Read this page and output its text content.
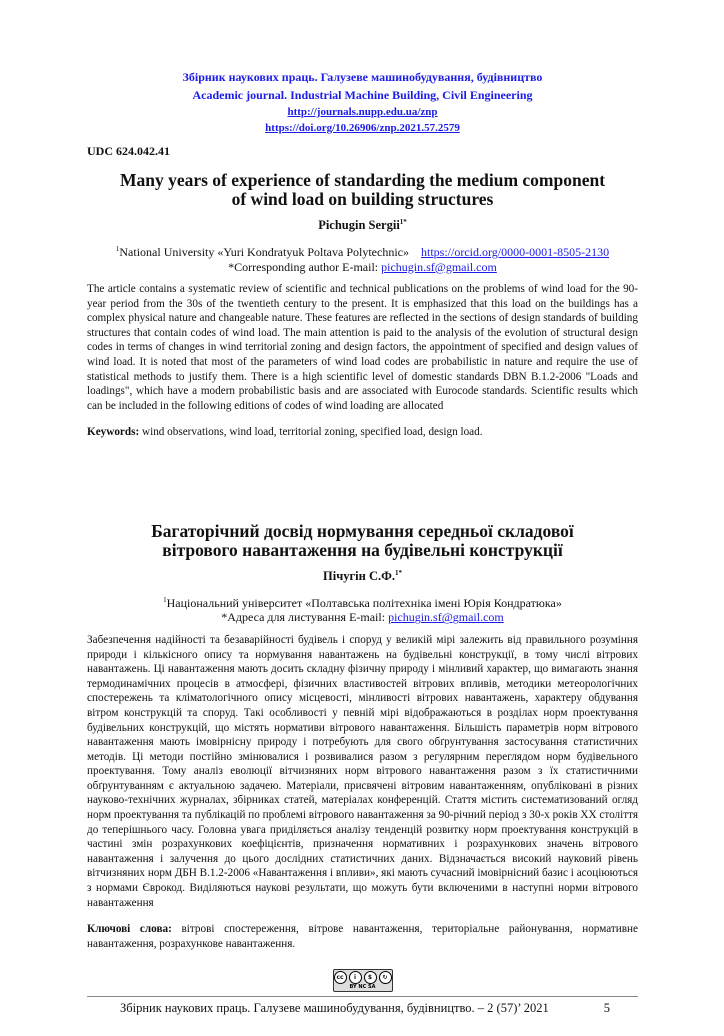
Збірник наукових праць. Галузеве машинобудування, будівництво
Academic journal. Industrial Machine Building, Civil Engineering
http://journals.nupp.edu.ua/znp
https://doi.org/10.26906/znp.2021.57.2579
UDC 624.042.41
Many years of experience of standarding the medium component
of wind load on building structures
Pichugin Sergii$^{1*}$
$^1$National University «Yuri Kondratyuk Poltava Polytechnic» https://orcid.org/0000-0001-8505-2130
*Corresponding author E-mail: pichugin.sf@gmail.com
The article contains a systematic review of scientific and technical publications on the problems of wind load for the 90-year period from the 30s of the twentieth century to the present. It is emphasized that this load on the buildings has a complex physical nature and changeable nature. These features are reflected in the sections of design standards of building structures that contain codes of wind load. The main attention is paid to the analysis of the evolution of structural design codes in terms of changes in wind territorial zoning and design factors, the appointment of specified and design values of wind load. It is noted that most of the parameters of wind load codes are probabilistic in nature and require the use of statistical methods to justify them. There is a high scientific level of domestic standards DBN B.1.2-2006 "Loads and loadings", which have a modern probabilistic basis and are associated with Eurocode standards. Scientific results which can be included in the following editions of codes of wind loading are allocated
Keywords: wind observations, wind load, territorial zoning, specified load, design load.
Багаторічний досвід нормування середньої складової
вітрового навантаження на будівельні конструкції
Пічугін С.Ф.$^{1*}$
$^1$Національний університет «Полтавська політехніка імені Юрія Кондратюка»
*Адреса для листування E-mail: pichugin.sf@gmail.com
Забезпечення надійності та безаварійності будівель і споруд у великій мірі залежить від правильного розуміння природи і кількісного опису та нормування навантажень на будівельні конструкції, в тому числі вітрових навантажень. Ці навантаження мають досить складну фізичну природу і мінливий характер, що вимагають знання термодинамічних процесів в атмосфері, фізичних властивостей вітрових впливів, методики метеорологічних спостережень та кліматологічного опису місцевості, мінливості вітрових навантажень, характеру обдування вітром конструкцій та споруд. Такі особливості у певній мірі відображаються в розділах норм проектування будівельних конструкцій, що містять нормативи вітрового навантаження. Більшість параметрів норм вітрового навантаження мають імовірнісну природу і потребують для свого обґрунтування застосування статистичних методів. Ці методи постійно змінювалися і розвивалися разом з регулярним переглядом норм будівельного проектування. Тому аналіз еволюції вітчизняних норм вітрового навантаження разом з їх статистичними обґрунтуванням є актуальною задачею. Матеріали, присвячені вітровим навантаженням, опубліковані в різних науково-технічних журналах, збірниках статей, матеріалах конференцій. Стаття містить систематизований огляд норм проектування та публікацій по проблемі вітрового навантаження за 90-річний період з 30-х років ХХ століття до теперішнього часу. Головна увага приділяється аналізу тенденцій розвитку норм проектування конструкцій в частині змін розрахункових коефіцієнтів, призначення нормативних і розрахункових значень вітрового навантаження і залучення до цього дослідних статистичних даних. Відзначається високий науковий рівень вітчизняних норм ДБН В.1.2-2006 «Навантаження і впливи», які мають сучасний імовірнісний базис і асоціюються з нормами Єврокод. Виділяються наукові результати, що можуть бути включеними в наступні норми вітрового навантаження
Ключові слова: вітрові спостереження, вітрове навантаження, територіальне районування, нормативне навантаження, розрахункове навантаження.
cc	i	$	↻
BY NC SA
Збірник наукових праць. Галузеве машинобудування, будівництво. – 2 (57)’ 2021	5
